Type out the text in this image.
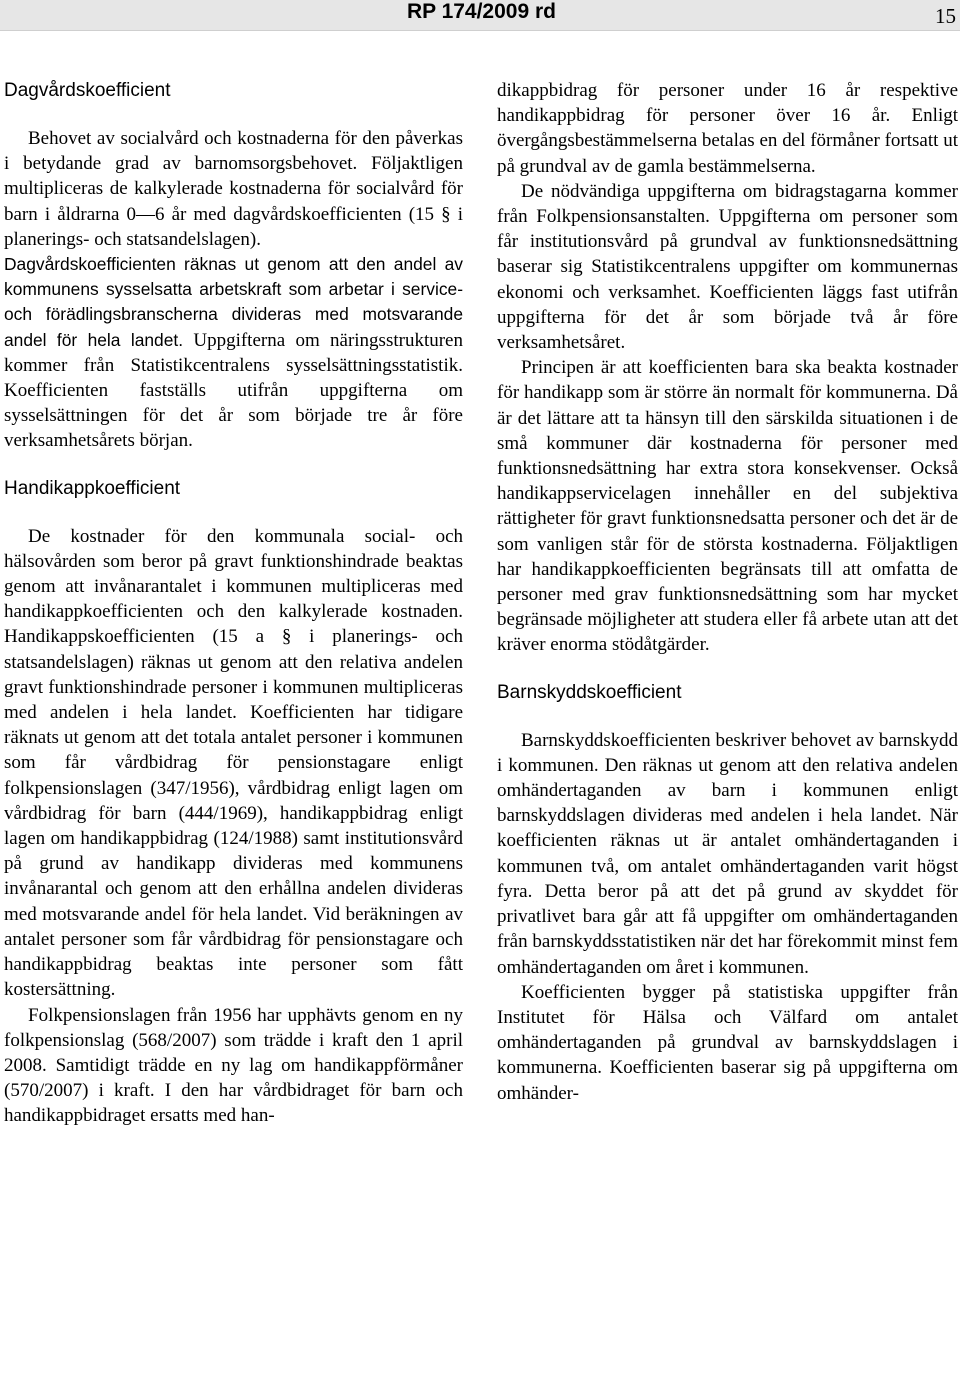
RP 174/2009 rd	15
Dagvårdskoefficient

Behovet av socialvård och kostnaderna för den påverkas i betydande grad av barnomsorgsbehovet. Följaktligen multipliceras de kalkylerade kostnaderna för socialvård för barn i åldrarna 0—6 år med dagvårdskoefficienten (15 § i planerings- och statsandelslagen).

Dagvårdskoefficienten räknas ut genom att den andel av kommunens sysselsatta arbetskraft som arbetar i service- och förädlingsbranscherna divideras med motsvarande andel för hela landet. Uppgifterna om näringsstrukturen kommer från Statistikcentralens sysselsättningsstatistik. Koefficienten fastställs utifrån uppgifterna om sysselsättningen för det år som började tre år före verksamhetsårets början.

Handikappkoefficient

De kostnader för den kommunala social- och hälsovården som beror på gravt funktionshindrade beaktas genom att invånarantalet i kommunen multipliceras med handikappkoefficienten och den kalkylerade kostnaden. Handikappskoefficienten (15 a § i planerings- och statsandelslagen) räknas ut genom att den relativa andelen gravt funktionshindrade personer i kommunen multipliceras med andelen i hela landet. Koefficienten har tidigare räknats ut genom att det totala antalet personer i kommunen som får vårdbidrag för pensionstagare enligt folkpensionslagen (347/1956), vårdbidrag enligt lagen om vårdbidrag för barn (444/1969), handikappbidrag enligt lagen om handikappbidrag (124/1988) samt institutionsvård på grund av handikapp divideras med kommunens invånarantal och genom att den erhållna andelen divideras med motsvarande andel för hela landet. Vid beräkningen av antalet personer som får vårdbidrag för pensionstagare och handikappbidrag beaktas inte personer som fått kostersättning.

Folkpensionslagen från 1956 har upphävts genom en ny folkpensionslag (568/2007) som trädde i kraft den 1 april 2008. Samtidigt trädde en ny lag om handikappförmåner (570/2007) i kraft. I den har vårdbidraget för barn och handikappbidraget ersatts med han-

dikappbidrag för personer under 16 år respektive handikappbidrag för personer över 16 år. Enligt övergångsbestämmelserna betalas en del förmåner fortsatt ut på grundval av de gamla bestämmelserna.

De nödvändiga uppgifterna om bidragstagarna kommer från Folkpensionsanstalten. Uppgifterna om personer som får institutionsvård på grundval av funktionsnedsättning baserar sig Statistikcentralens uppgifter om kommunernas ekonomi och verksamhet. Koefficienten läggs fast utifrån uppgifterna för det år som började två år före verksamhetsåret.

Principen är att koefficienten bara ska beakta kostnader för handikapp som är större än normalt för kommunerna. Då är det lättare att ta hänsyn till den särskilda situationen i de små kommuner där kostnaderna för personer med funktionsnedsättning har extra stora konsekvenser. Också handikappservicelagen innehåller en del subjektiva rättigheter för gravt funktionsnedsatta personer och det är de som vanligen står för de största kostnaderna. Följaktligen har handikappkoefficienten begränsats till att omfatta de personer med grav funktionsnedsättning som har mycket begränsade möjligheter att studera eller få arbete utan att det kräver enorma stödåtgärder.

Barnskyddskoefficient

Barnskyddskoefficienten beskriver behovet av barnskydd i kommunen. Den räknas ut genom att den relativa andelen omhändertaganden av barn i kommunen enligt barnskyddslagen divideras med andelen i hela landet. När koefficienten räknas ut är antalet omhändertaganden i kommunen två, om antalet omhändertaganden varit högst fyra. Detta beror på att det på grund av skyddet för privatlivet bara går att få uppgifter om omhändertaganden från barnskyddsstatistiken när det har förekommit minst fem omhändertaganden om året i kommunen.

Koefficienten bygger på statistiska uppgifter från Institutet för Hälsa och Välfard om antalet omhändertaganden på grundval av barnskyddslagen i kommunerna. Koefficienten baserar sig på uppgifterna om omhänder-
